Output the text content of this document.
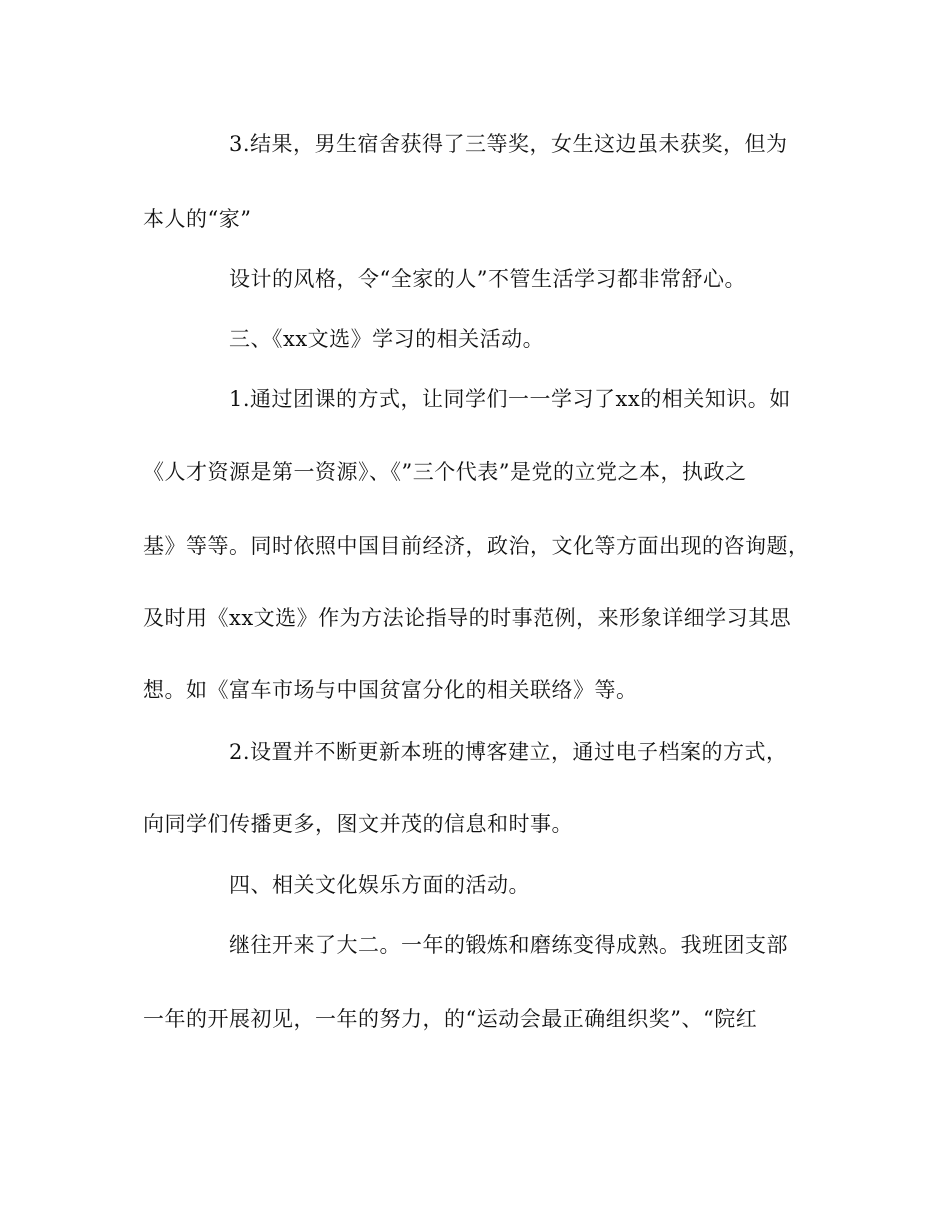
3.结果，男生宿舍获得了三等奖，女生这边虽未获奖，但为
本人的“家”
设计的风格，令“全家的人”不管生活学习都非常舒心。
三、《xx文选》学习的相关活动。
1.通过团课的方式，让同学们一一学习了xx的相关知识。如
《人才资源是第一资源》、《”三个代表”是党的立党之本，执政之
基》等等。同时依照中国目前经济，政治，文化等方面出现的咨询题，
及时用《xx文选》作为方法论指导的时事范例，来形象详细学习其思
想。如《富车市场与中国贫富分化的相关联络》等。
2.设置并不断更新本班的博客建立，通过电子档案的方式，
向同学们传播更多，图文并茂的信息和时事。
四、相关文化娱乐方面的活动。
继往开来了大二。一年的锻炼和磨练变得成熟。我班团支部
一年的开展初见，一年的努力，的“运动会最正确组织奖”、“院红
